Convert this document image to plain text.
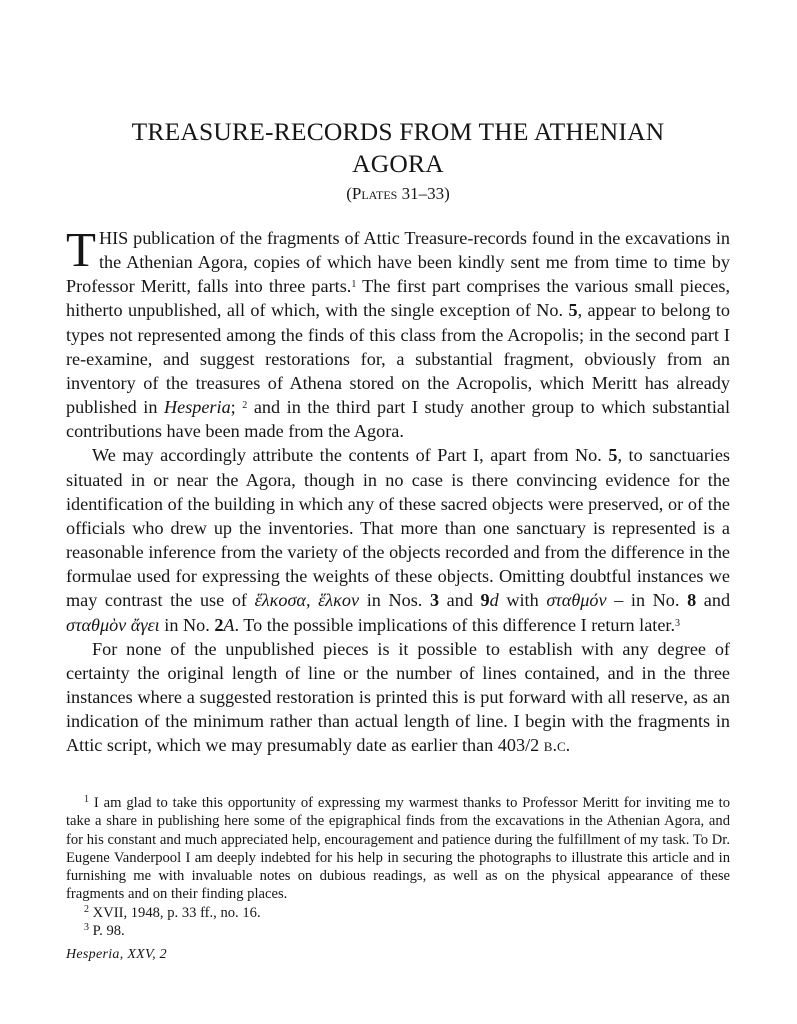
TREASURE-RECORDS FROM THE ATHENIAN
AGORA

(Plates 31–33)

THIS publication of the fragments of Attic Treasure-records found in the excavations in the Athenian Agora, copies of which have been kindly sent me from time to time by Professor Meritt, falls into three parts.$^1$ The first part comprises the various small pieces, hitherto unpublished, all of which, with the single exception of No. 5, appear to belong to types not represented among the finds of this class from the Acropolis; in the second part I re-examine, and suggest restorations for, a substantial fragment, obviously from an inventory of the treasures of Athena stored on the Acropolis, which Meritt has already published in Hesperia; $^2$ and in the third part I study another group to which substantial contributions have been made from the Agora.

We may accordingly attribute the contents of Part I, apart from No. 5, to sanctuaries situated in or near the Agora, though in no case is there convincing evidence for the identification of the building in which any of these sacred objects were preserved, or of the officials who drew up the inventories. That more than one sanctuary is represented is a reasonable inference from the variety of the objects recorded and from the difference in the formulae used for expressing the weights of these objects. Omitting doubtful instances we may contrast the use of ἕλκοσα, ἕλκον in Nos. 3 and 9d with σταθμόν – in No. 8 and σταθμὸν ἄγει in No. 2A. To the possible implications of this difference I return later.$^3$

For none of the unpublished pieces is it possible to establish with any degree of certainty the original length of line or the number of lines contained, and in the three instances where a suggested restoration is printed this is put forward with all reserve, as an indication of the minimum rather than actual length of line. I begin with the fragments in Attic script, which we may presumably date as earlier than 403/2 b.c.

$^1$ I am glad to take this opportunity of expressing my warmest thanks to Professor Meritt for inviting me to take a share in publishing here some of the epigraphical finds from the excavations in the Athenian Agora, and for his constant and much appreciated help, encouragement and patience during the fulfillment of my task. To Dr. Eugene Vanderpool I am deeply indebted for his help in securing the photographs to illustrate this article and in furnishing me with invaluable notes on dubious readings, as well as on the physical appearance of these fragments and on their finding places.

$^2$ XVII, 1948, p. 33 ff., no. 16.

$^3$ P. 98.

Hesperia, XXV, 2
